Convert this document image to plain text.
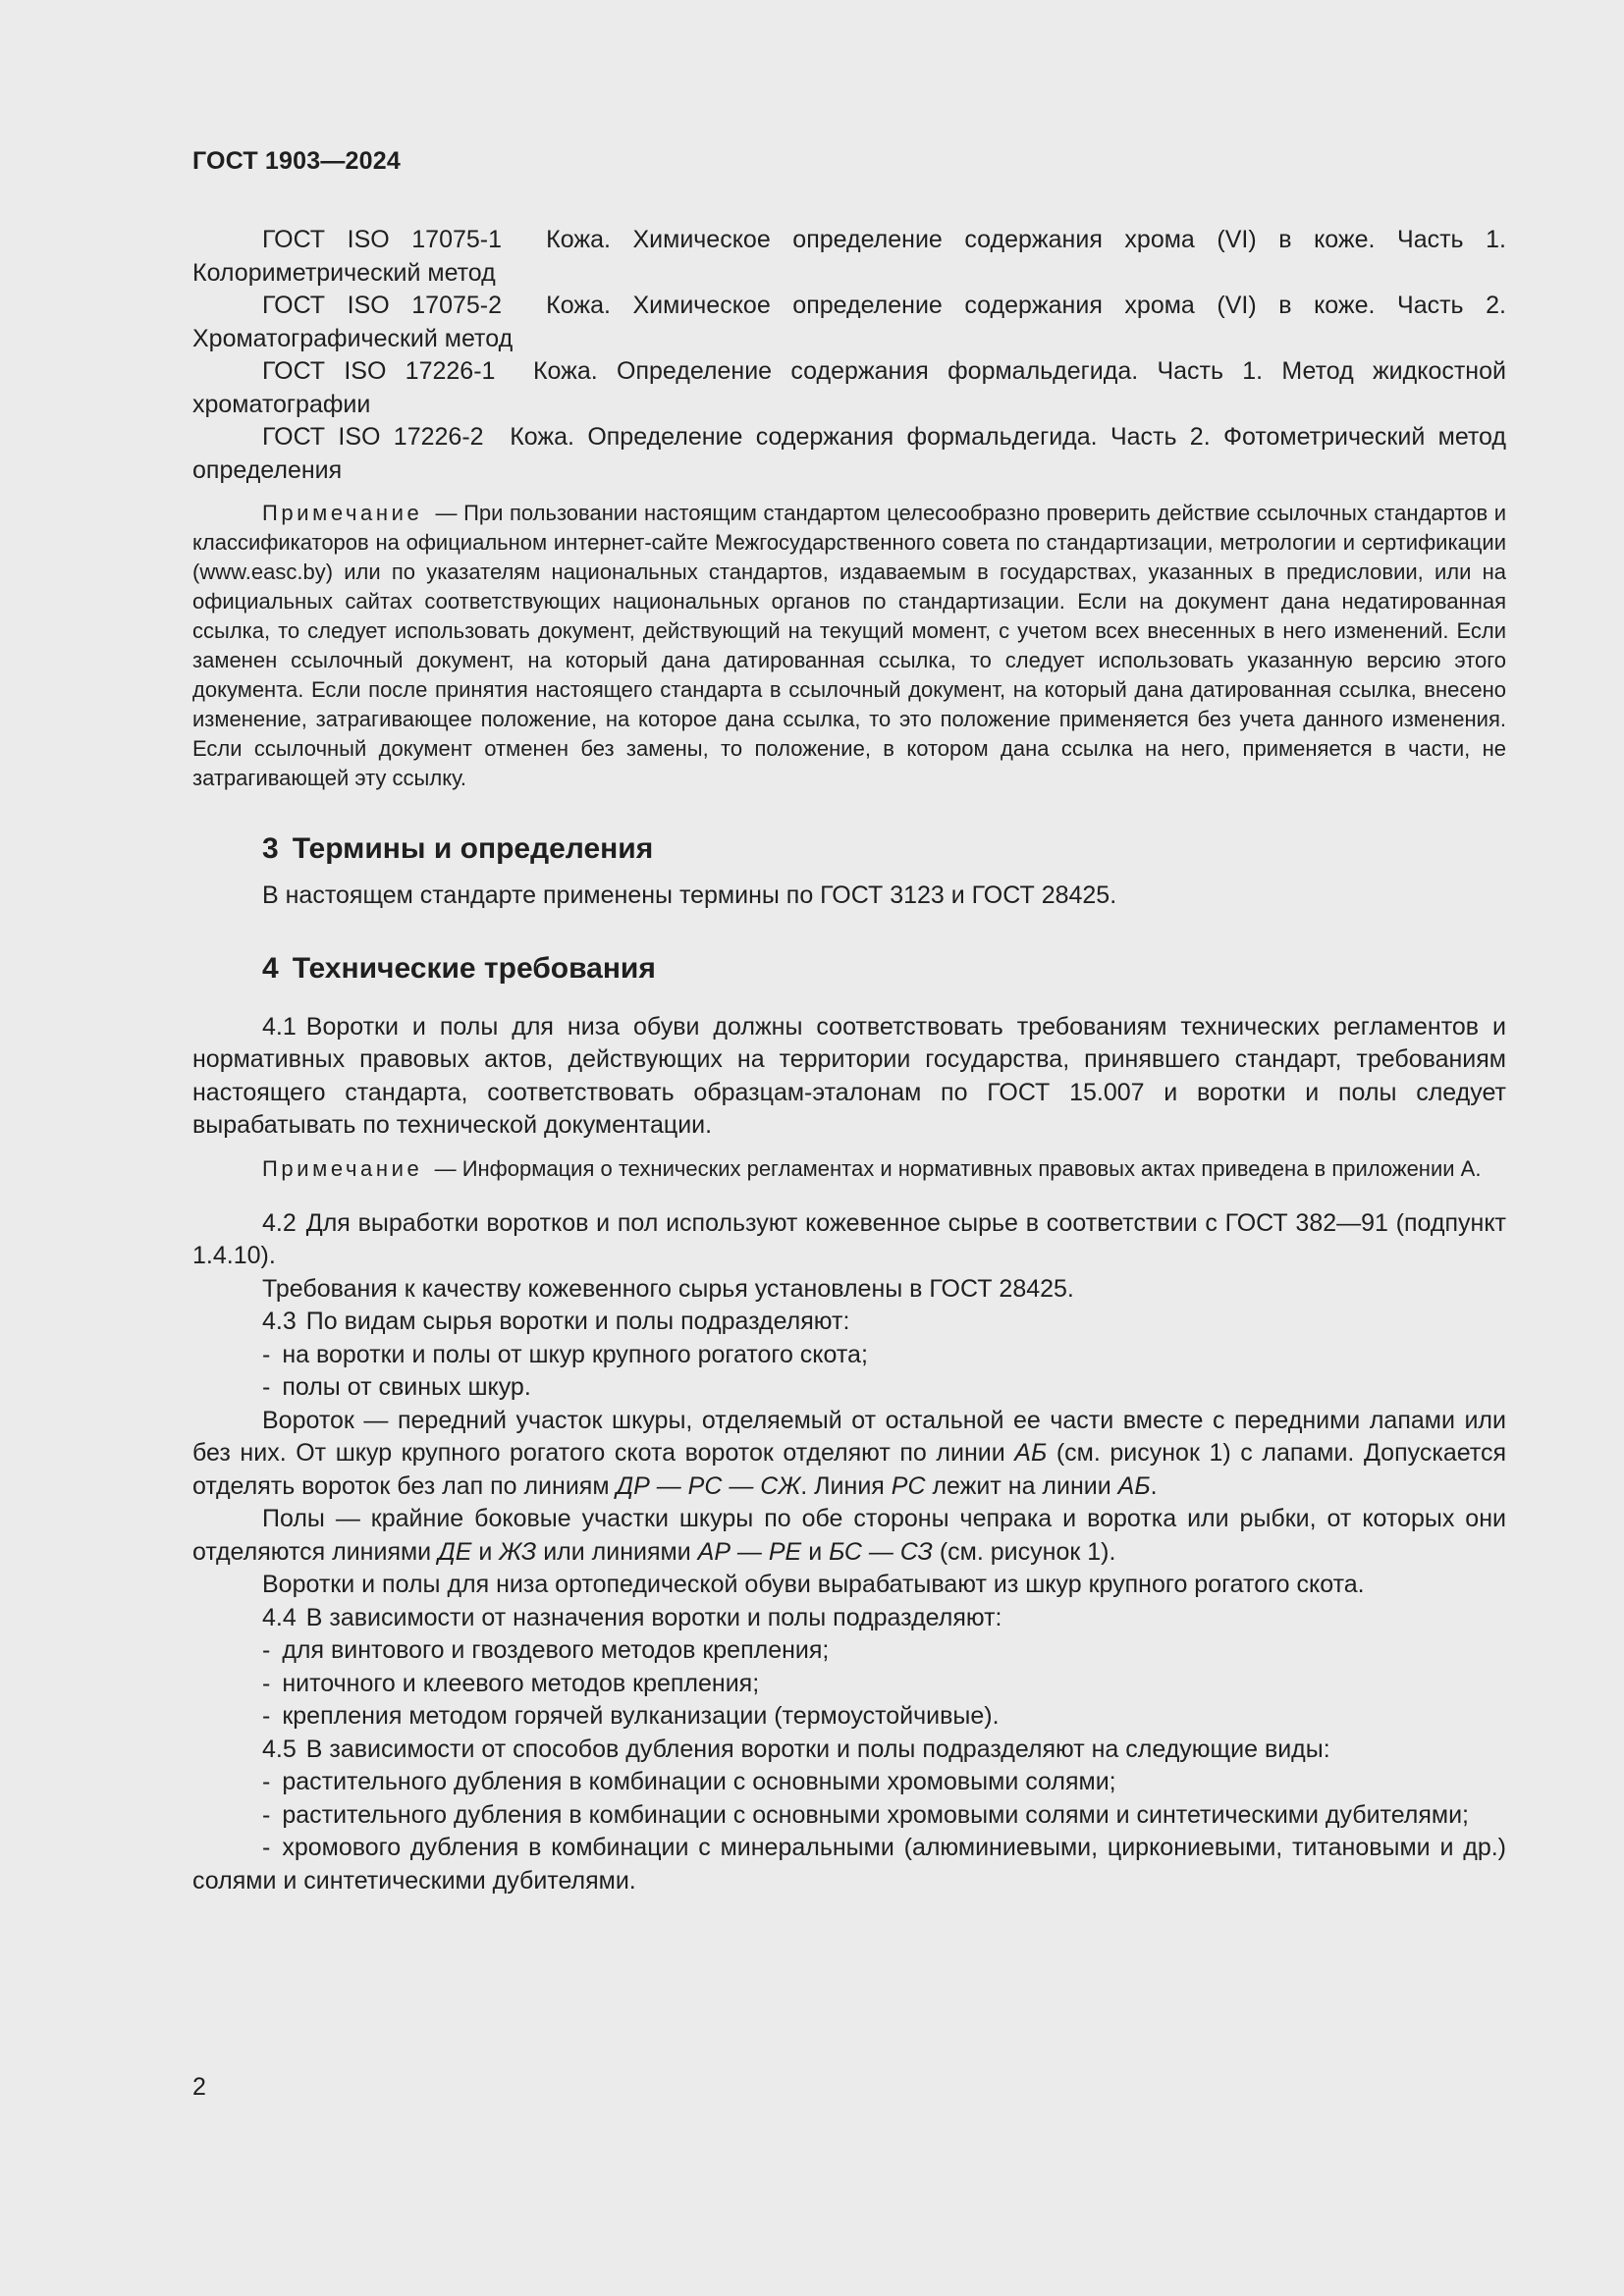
ГОСТ 1903—2024

ГОСТ ISO 17075-1 Кожа. Химическое определение содержания хрома (VI) в коже. Часть 1. Колориметрический метод

ГОСТ ISO 17075-2 Кожа. Химическое определение содержания хрома (VI) в коже. Часть 2. Хроматографический метод

ГОСТ ISO 17226-1 Кожа. Определение содержания формальдегида. Часть 1. Метод жидкостной хроматографии

ГОСТ ISO 17226-2 Кожа. Определение содержания формальдегида. Часть 2. Фотометрический метод определения

Примечание — При пользовании настоящим стандартом целесообразно проверить действие ссылочных стандартов и классификаторов на официальном интернет-сайте Межгосударственного совета по стандартизации, метрологии и сертификации (www.easc.by) или по указателям национальных стандартов, издаваемым в государствах, указанных в предисловии, или на официальных сайтах соответствующих национальных органов по стандартизации. Если на документ дана недатированная ссылка, то следует использовать документ, действующий на текущий момент, с учетом всех внесенных в него изменений. Если заменен ссылочный документ, на который дана датированная ссылка, то следует использовать указанную версию этого документа. Если после принятия настоящего стандарта в ссылочный документ, на который дана датированная ссылка, внесено изменение, затрагивающее положение, на которое дана ссылка, то это положение применяется без учета данного изменения. Если ссылочный документ отменен без замены, то положение, в котором дана ссылка на него, применяется в части, не затрагивающей эту ссылку.

3 Термины и определения

В настоящем стандарте применены термины по ГОСТ 3123 и ГОСТ 28425.

4 Технические требования

4.1 Воротки и полы для низа обуви должны соответствовать требованиям технических регламентов и нормативных правовых актов, действующих на территории государства, принявшего стандарт, требованиям настоящего стандарта, соответствовать образцам-эталонам по ГОСТ 15.007 и воротки и полы следует вырабатывать по технической документации.

Примечание — Информация о технических регламентах и нормативных правовых актах приведена в приложении А.

4.2 Для выработки воротков и пол используют кожевенное сырье в соответствии с ГОСТ 382—91 (подпункт 1.4.10).

Требования к качеству кожевенного сырья установлены в ГОСТ 28425.

4.3 По видам сырья воротки и полы подразделяют:

- на воротки и полы от шкур крупного рогатого скота;

- полы от свиных шкур.

Вороток — передний участок шкуры, отделяемый от остальной ее части вместе с передними лапами или без них. От шкур крупного рогатого скота вороток отделяют по линии АБ (см. рисунок 1) с лапами. Допускается отделять вороток без лап по линиям ДР — РС — СЖ. Линия РС лежит на линии АБ.

Полы — крайние боковые участки шкуры по обе стороны чепрака и воротка или рыбки, от которых они отделяются линиями ДЕ и ЖЗ или линиями АР — РЕ и БС — СЗ (см. рисунок 1).

Воротки и полы для низа ортопедической обуви вырабатывают из шкур крупного рогатого скота.

4.4 В зависимости от назначения воротки и полы подразделяют:

- для винтового и гвоздевого методов крепления;

- ниточного и клеевого методов крепления;

- крепления методом горячей вулканизации (термоустойчивые).

4.5 В зависимости от способов дубления воротки и полы подразделяют на следующие виды:

- растительного дубления в комбинации с основными хромовыми солями;

- растительного дубления в комбинации с основными хромовыми солями и синтетическими дубителями;

- хромового дубления в комбинации с минеральными (алюминиевыми, циркониевыми, титановыми и др.) солями и синтетическими дубителями.

2
